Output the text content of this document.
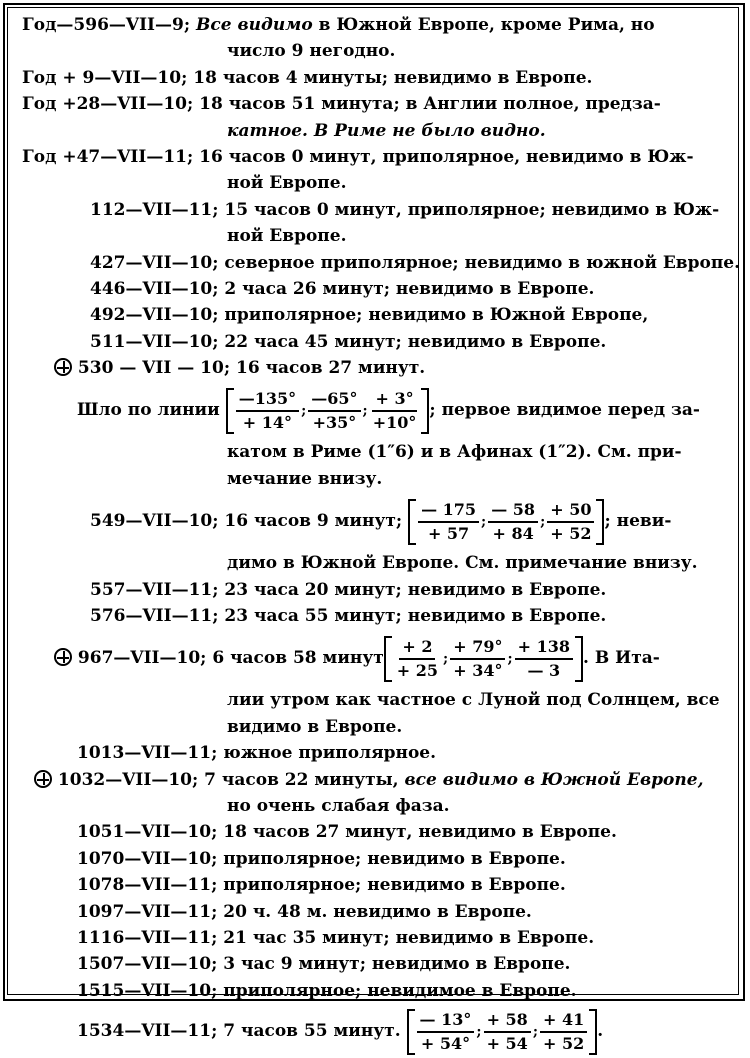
Год—596—VII—9; Все видимо в Южной Европе, кроме Рима, но
число 9 негодно.
Год + 9—VII—10; 18 часов 4 минуты; невидимо в Европе.
Год +28—VII—10; 18 часов 51 минута; в Англии полное, предза-
катное. В Риме не было видно.
Год +47—VII—11; 16 часов 0 минут, приполярное, невидимо в Юж-
ной Европе.
112—VII—11; 15 часов 0 минут, приполярное; невидимо в Юж-
ной Европе.
427—VII—10; северное приполярное; невидимо в южной Европе.
446—VII—10; 2 часа 26 минут; невидимо в Европе.
492—VII—10; приполярное; невидимо в Южной Европе,
511—VII—10; 22 часа 45 минут; невидимо в Европе.
530 — VII — 10; 16 часов 27 минут.
Шло по линии $\frac{—135^\circ}{+ 14^\circ}$ ; $\frac{—65^\circ}{+35^\circ}$ ; $\frac{+ 3^\circ}{+10^\circ}$ ; первое видимое перед за-
катом в Риме (1″6) и в Афинах (1″2). См. при-
мечание внизу.
549—VII—10; 16 часов 9 минут; $\frac{— 175}{+ 57}$ ; $\frac{— 58}{+ 84}$ ; $\frac{+ 50}{+ 52}$ ; неви-
димо в Южной Европе. См. примечание внизу.
557—VII—11; 23 часа 20 минут; невидимо в Европе.
576—VII—11; 23 часа 55 минут; невидимо в Европе.
967—VII—10; 6 часов 58 минут $\frac{+ 2}{+ 25}$ ; $\frac{+ 79^\circ}{+ 34^\circ}$ ; $\frac{+ 138}{— 3}$ . В Ита-
лии утром как частное с Луной под Солнцем, все
видимо в Европе.
1013—VII—11; южное приполярное.
1032—VII—10; 7 часов 22 минуты, все видимо в Южной Европе,
но очень слабая фаза.
1051—VII—10; 18 часов 27 минут, невидимо в Европе.
1070—VII—10; приполярное; невидимо в Европе.
1078—VII—11; приполярное; невидимо в Европе.
1097—VII—11; 20 ч. 48 м. невидимо в Европе.
1116—VII—11; 21 час 35 минут; невидимо в Европе.
1507—VII—10; 3 час 9 минут; невидимо в Европе.
1515—VII—10; приполярное; невидимое в Европе.
1534—VII—11; 7 часов 55 минут. $\frac{— 13^\circ}{+ 54^\circ}$ ; $\frac{+ 58}{+ 54}$ ; $\frac{+ 41}{+ 52}$ .
